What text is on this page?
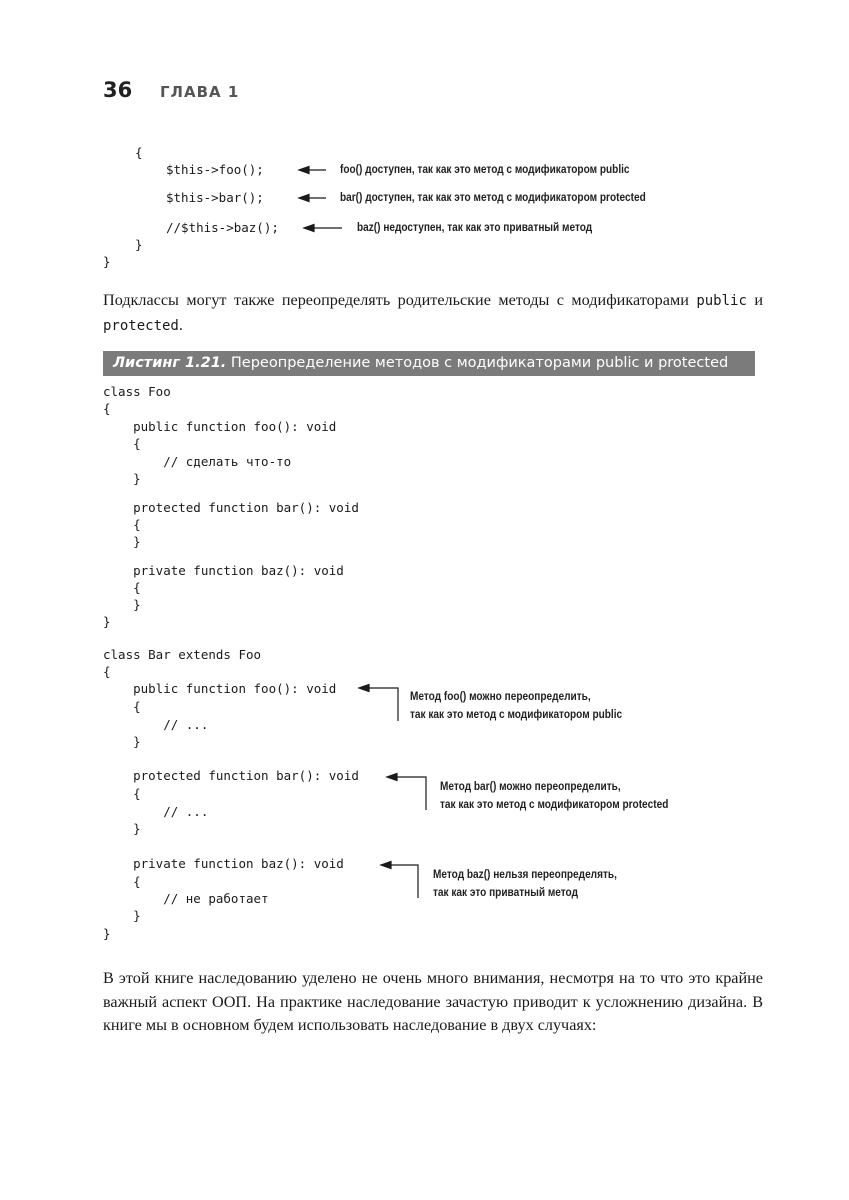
36 ГЛАВА 1
{
$this->foo();
$this->bar();
//$this->baz();
}
}
foo() доступен, так как это метод с модификатором public
bar() доступен, так как это метод с модификатором protected
baz() недоступен, так как это приватный метод
Подклассы могут также переопределять родительские методы с модификаторами public и protected.
Листинг 1.21. Переопределение методов с модификаторами public и protected
class Foo
{
public function foo(): void
{
// сделать что-то
}
protected function bar(): void
{
}
private function baz(): void
{
}
}
class Bar extends Foo
{
public function foo(): void
{
// ...
}
protected function bar(): void
{
// ...
}
private function baz(): void
{
// не работает
}
}
Метод foo() можно переопределить,
так как это метод с модификатором public
Метод bar() можно переопределить,
так как это метод с модификатором protected
Метод baz() нельзя переопределять,
так как это приватный метод
В этой книге наследованию уделено не очень много внимания, несмотря на то что это крайне важный аспект ООП. На практике наследование зачастую приводит к усложнению дизайна. В книге мы в основном будем использовать наследование в двух случаях:
